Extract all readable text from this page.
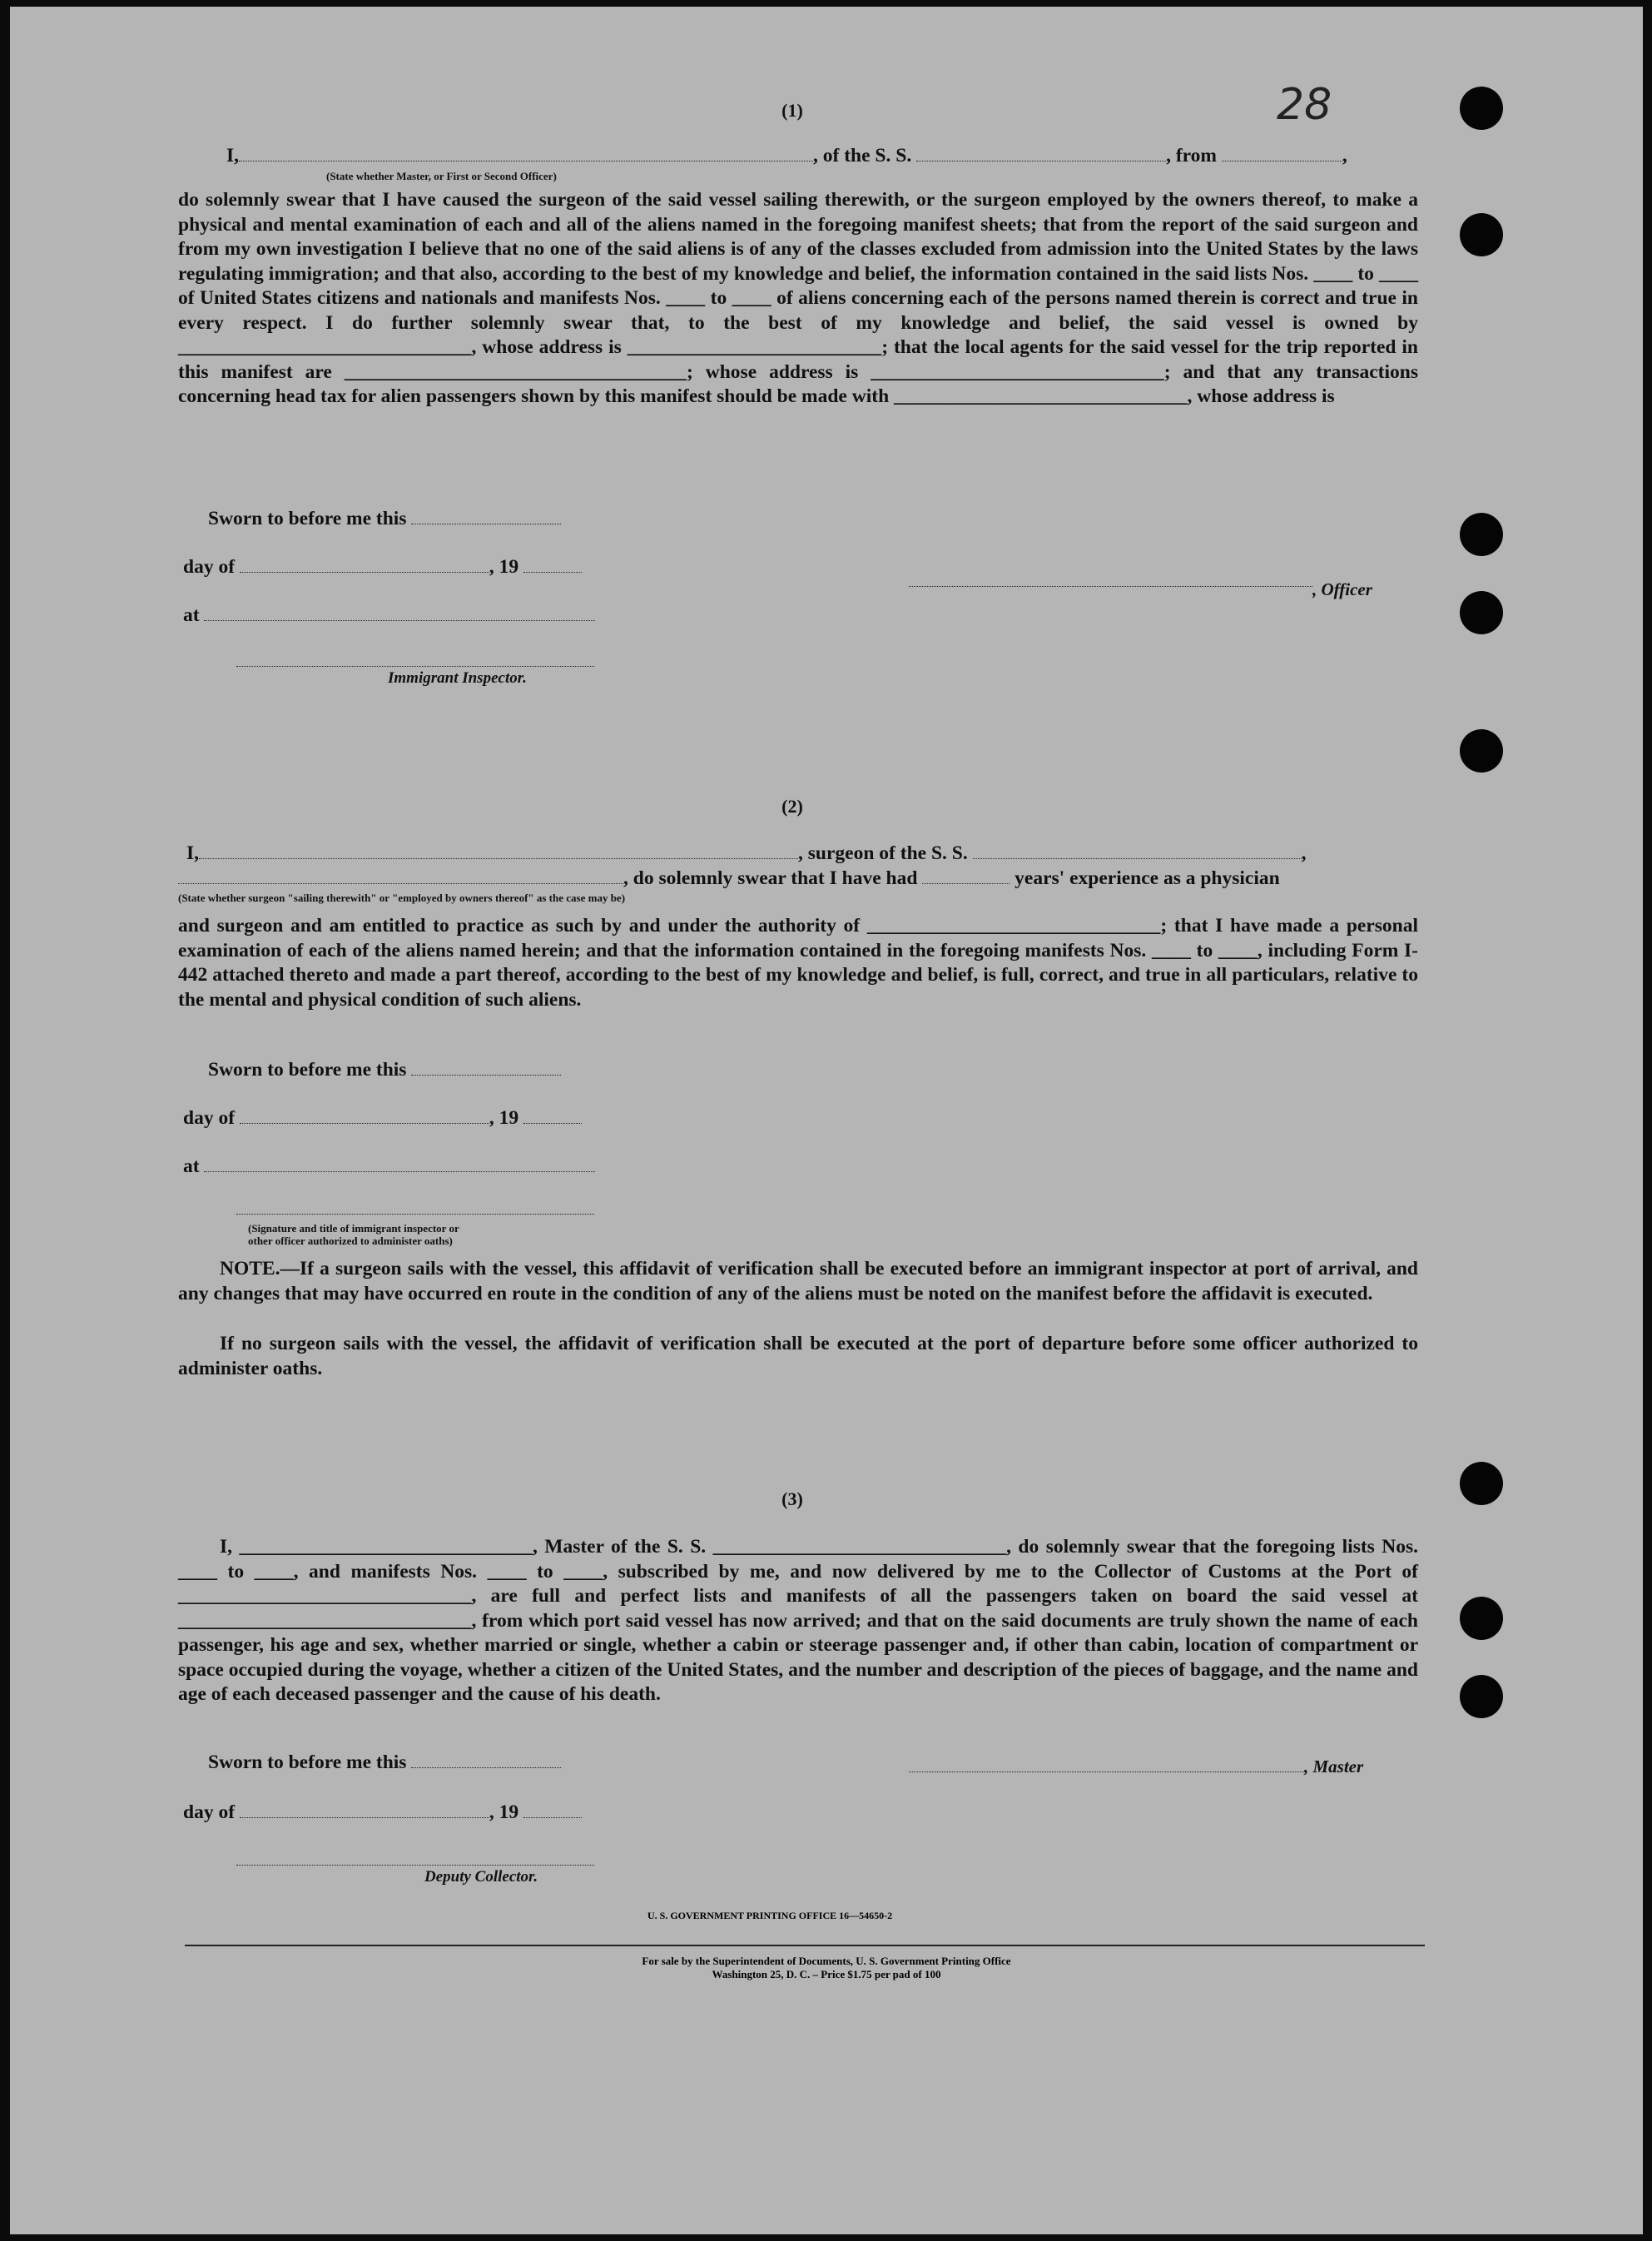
28
(1)
I,	, of the S. S.	, from	,
(State whether Master, or First or Second Officer)

do solemnly swear that I have caused the surgeon of the said vessel sailing therewith, or the surgeon employed by the owners thereof, to make a physical and mental examination of each and all of the aliens named in the foregoing manifest sheets; that from the report of the said surgeon and from my own investigation I believe that no one of the said aliens is of any of the classes excluded from admission into the United States by the laws regulating immigration; and that also, according to the best of my knowledge and belief, the information contained in the said lists Nos. ____ to ____ of United States citizens and nationals and manifests Nos. ____ to ____ of aliens concerning each of the persons named therein is correct and true in every respect. I do further solemnly swear that, to the best of my knowledge and belief, the said vessel is owned by ______________________________, whose address is __________________________; that the local agents for the said vessel for the trip reported in this manifest are ___________________________________; whose address is ______________________________; and that any transactions concerning head tax for alien passengers shown by this manifest should be made with ______________________________, whose address is

Sworn to before me this
day of	, 19
, Officer
at
Immigrant Inspector.
(2)
I,	, surgeon of the S. S.	,
, do solemnly swear that I have had	years' experience as a physician
(State whether surgeon "sailing therewith" or "employed by owners thereof" as the case may be)

and surgeon and am entitled to practice as such by and under the authority of ______________________________; that I have made a personal examination of each of the aliens named herein; and that the information contained in the foregoing manifests Nos. ____ to ____, including Form I-442 attached thereto and made a part thereof, according to the best of my knowledge and belief, is full, correct, and true in all particulars, relative to the mental and physical condition of such aliens.

Sworn to before me this
day of	, 19
at
(Signature and title of immigrant inspector or
other officer authorized to administer oaths)

NOTE.—If a surgeon sails with the vessel, this affidavit of verification shall be executed before an immigrant inspector at port of arrival, and any changes that may have occurred en route in the condition of any of the aliens must be noted on the manifest before the affidavit is executed.

If no surgeon sails with the vessel, the affidavit of verification shall be executed at the port of departure before some officer authorized to administer oaths.

(3)

I, ______________________________, Master of the S. S. ______________________________, do solemnly swear that the foregoing lists Nos. ____ to ____, and manifests Nos. ____ to ____, subscribed by me, and now delivered by me to the Collector of Customs at the Port of ______________________________, are full and perfect lists and manifests of all the passengers taken on board the said vessel at ______________________________, from which port said vessel has now arrived; and that on the said documents are truly shown the name of each passenger, his age and sex, whether married or single, whether a cabin or steerage passenger and, if other than cabin, location of compartment or space occupied during the voyage, whether a citizen of the United States, and the number and description of the pieces of baggage, and the name and age of each deceased passenger and the cause of his death.

Sworn to before me this	, Master
day of	, 19
Deputy Collector.
U. S. GOVERNMENT PRINTING OFFICE 16—54650-2
For sale by the Superintendent of Documents, U. S. Government Printing Office
Washington 25, D. C. – Price $1.75 per pad of 100
